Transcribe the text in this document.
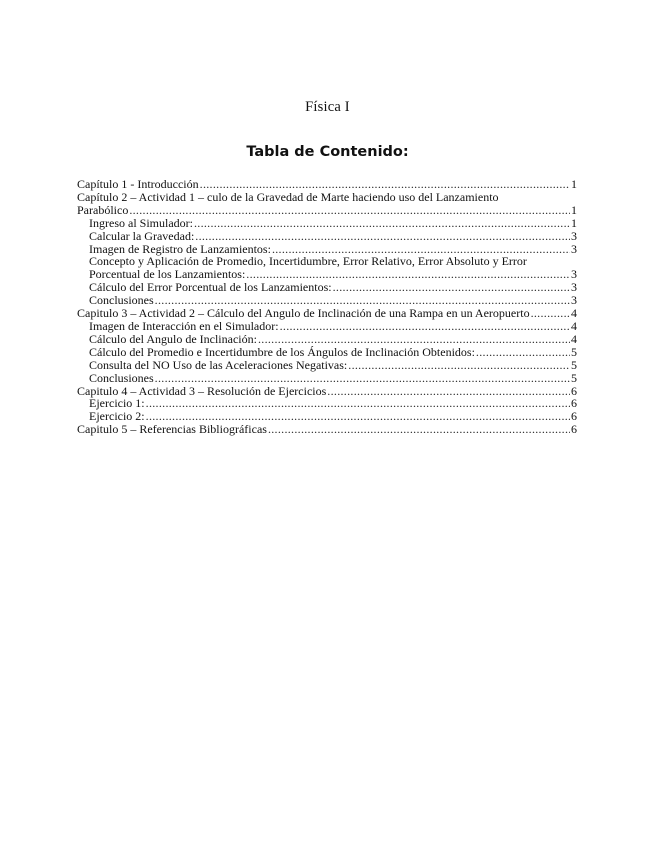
Física I
Tabla de Contenido:
Capítulo 1 - Introducción .....	1
Capítulo 2 – Actividad 1 – culo de la Gravedad de Marte haciendo uso del Lanzamiento
Parabólico .....	1
Ingreso al Simulador: .....	1
Calcular la Gravedad: .....	3
Imagen de Registro de Lanzamientos: .....	3
Concepto y Aplicación de Promedio, Incertidumbre, Error Relativo, Error Absoluto y Error
Porcentual de los Lanzamientos: .....	3
Cálculo del Error Porcentual de los Lanzamientos: .....	3
Conclusiones .....	3
Capitulo 3 – Actividad 2 – Cálculo del Angulo de Inclinación de una Rampa en un Aeropuerto .....	4
Imagen de Interacción en el Simulador: .....	4
Cálculo del Angulo de Inclinación: .....	4
Cálculo del Promedio e Incertidumbre de los Ángulos de Inclinación Obtenidos: .....	5
Consulta del NO Uso de las Aceleraciones Negativas: .....	5
Conclusiones .....	5
Capitulo 4 – Actividad 3 – Resolución de Ejercicios .....	6
Ejercicio 1: .....	6
Ejercicio 2: .....	6
Capitulo 5 – Referencias Bibliográficas .....	6
